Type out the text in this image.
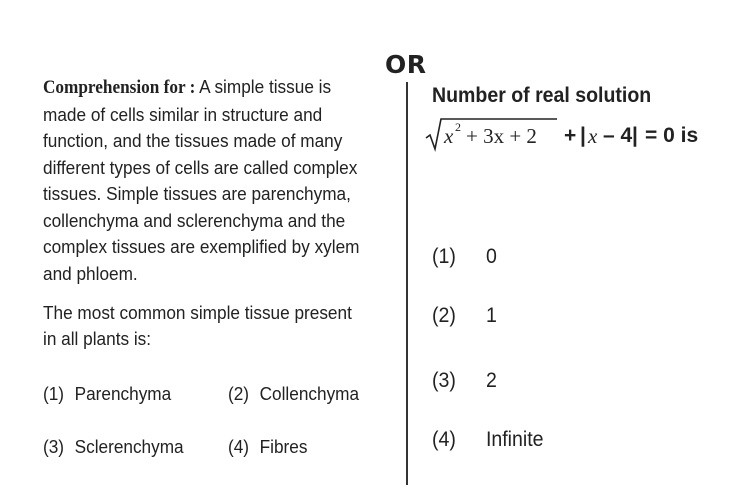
OR
Comprehension for : A simple tissue is
made of cells similar in structure and
function, and the tissues made of many
different types of cells are called complex
tissues. Simple tissues are parenchyma,
collenchyma and sclerenchyma and the
complex tissues are exemplified by xylem
and phloem.
The most common simple tissue present
in all plants is:
(1) Parenchyma	(2) Collenchyma
(3) Sclerenchyma (4) Fibres
Number of real solution
x 2 + 3x + 2 + | x – 4 | = 0 is
(1) 0
(2) 1
(3) 2
(4) Infinite
